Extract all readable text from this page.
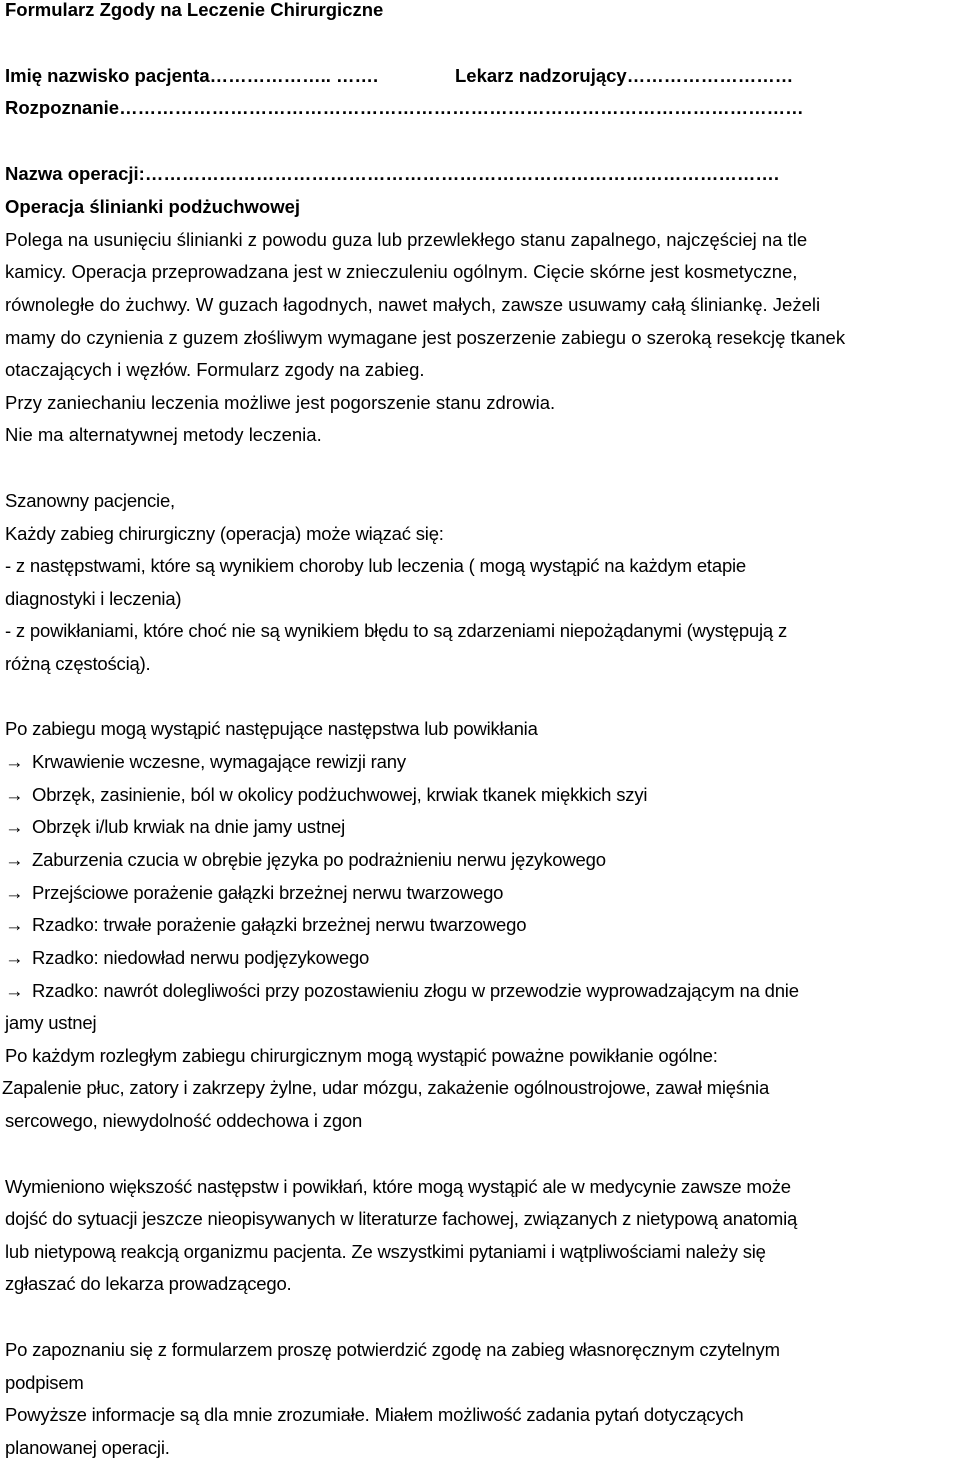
Formularz Zgody na Leczenie Chirurgiczne

Imię nazwisko pacjenta……………….. …….	Lekarz nadzorujący………………………

Rozpoznanie…………………………………………………………………………………………………

Nazwa operacji:………………………………………………………………………………………….

Operacja ślinianki podżuchwowej

Polega na usunięciu ślinianki z powodu guza lub przewlekłego stanu zapalnego, najczęściej na tle

kamicy. Operacja przeprowadzana jest w znieczuleniu ogólnym. Cięcie skórne jest kosmetyczne,

równoległe do żuchwy. W guzach łagodnych, nawet małych, zawsze usuwamy całą śliniankę. Jeżeli

mamy do czynienia z guzem złośliwym wymagane jest poszerzenie zabiegu o szeroką resekcję tkanek

otaczających i węzłów. Formularz zgody na zabieg.

Przy zaniechaniu leczenia możliwe jest pogorszenie stanu zdrowia.

Nie ma alternatywnej metody leczenia.

Szanowny pacjencie,

Każdy zabieg chirurgiczny (operacja) może wiązać się:

- z następstwami, które są wynikiem choroby lub leczenia ( mogą wystąpić na każdym etapie

diagnostyki i leczenia)

- z powikłaniami, które choć nie są wynikiem błędu to są zdarzeniami niepożądanymi (występują z

różną częstością).

Po zabiegu mogą wystąpić następujące następstwa lub powikłania

→ Krwawienie wczesne, wymagające rewizji rany

→ Obrzęk, zasinienie, ból w okolicy podżuchwowej, krwiak tkanek miękkich szyi

→ Obrzęk i/lub krwiak na dnie jamy ustnej

→ Zaburzenia czucia w obrębie języka po podrażnieniu nerwu językowego

→ Przejściowe porażenie gałązki brzeżnej nerwu twarzowego

→ Rzadko: trwałe porażenie gałązki brzeżnej nerwu twarzowego

→ Rzadko: niedowład nerwu podjęzykowego

→ Rzadko: nawrót dolegliwości przy pozostawieniu złogu w przewodzie wyprowadzającym na dnie

jamy ustnej

Po każdym rozległym zabiegu chirurgicznym mogą wystąpić poważne powikłanie ogólne:

Zapalenie płuc, zatory i zakrzepy żylne, udar mózgu, zakażenie ogólnoustrojowe, zawał mięśnia

sercowego, niewydolność oddechowa i zgon

Wymieniono większość następstw i powikłań, które mogą wystąpić ale w medycynie zawsze może

dojść do sytuacji jeszcze nieopisywanych w literaturze fachowej, związanych z nietypową anatomią

lub nietypową reakcją organizmu pacjenta. Ze wszystkimi pytaniami i wątpliwościami należy się

zgłaszać do lekarza prowadzącego.

Po zapoznaniu się z formularzem proszę potwierdzić zgodę na zabieg własnoręcznym czytelnym

podpisem

Powyższe informacje są dla mnie zrozumiałe. Miałem możliwość zadania pytań dotyczących

planowanej operacji.
